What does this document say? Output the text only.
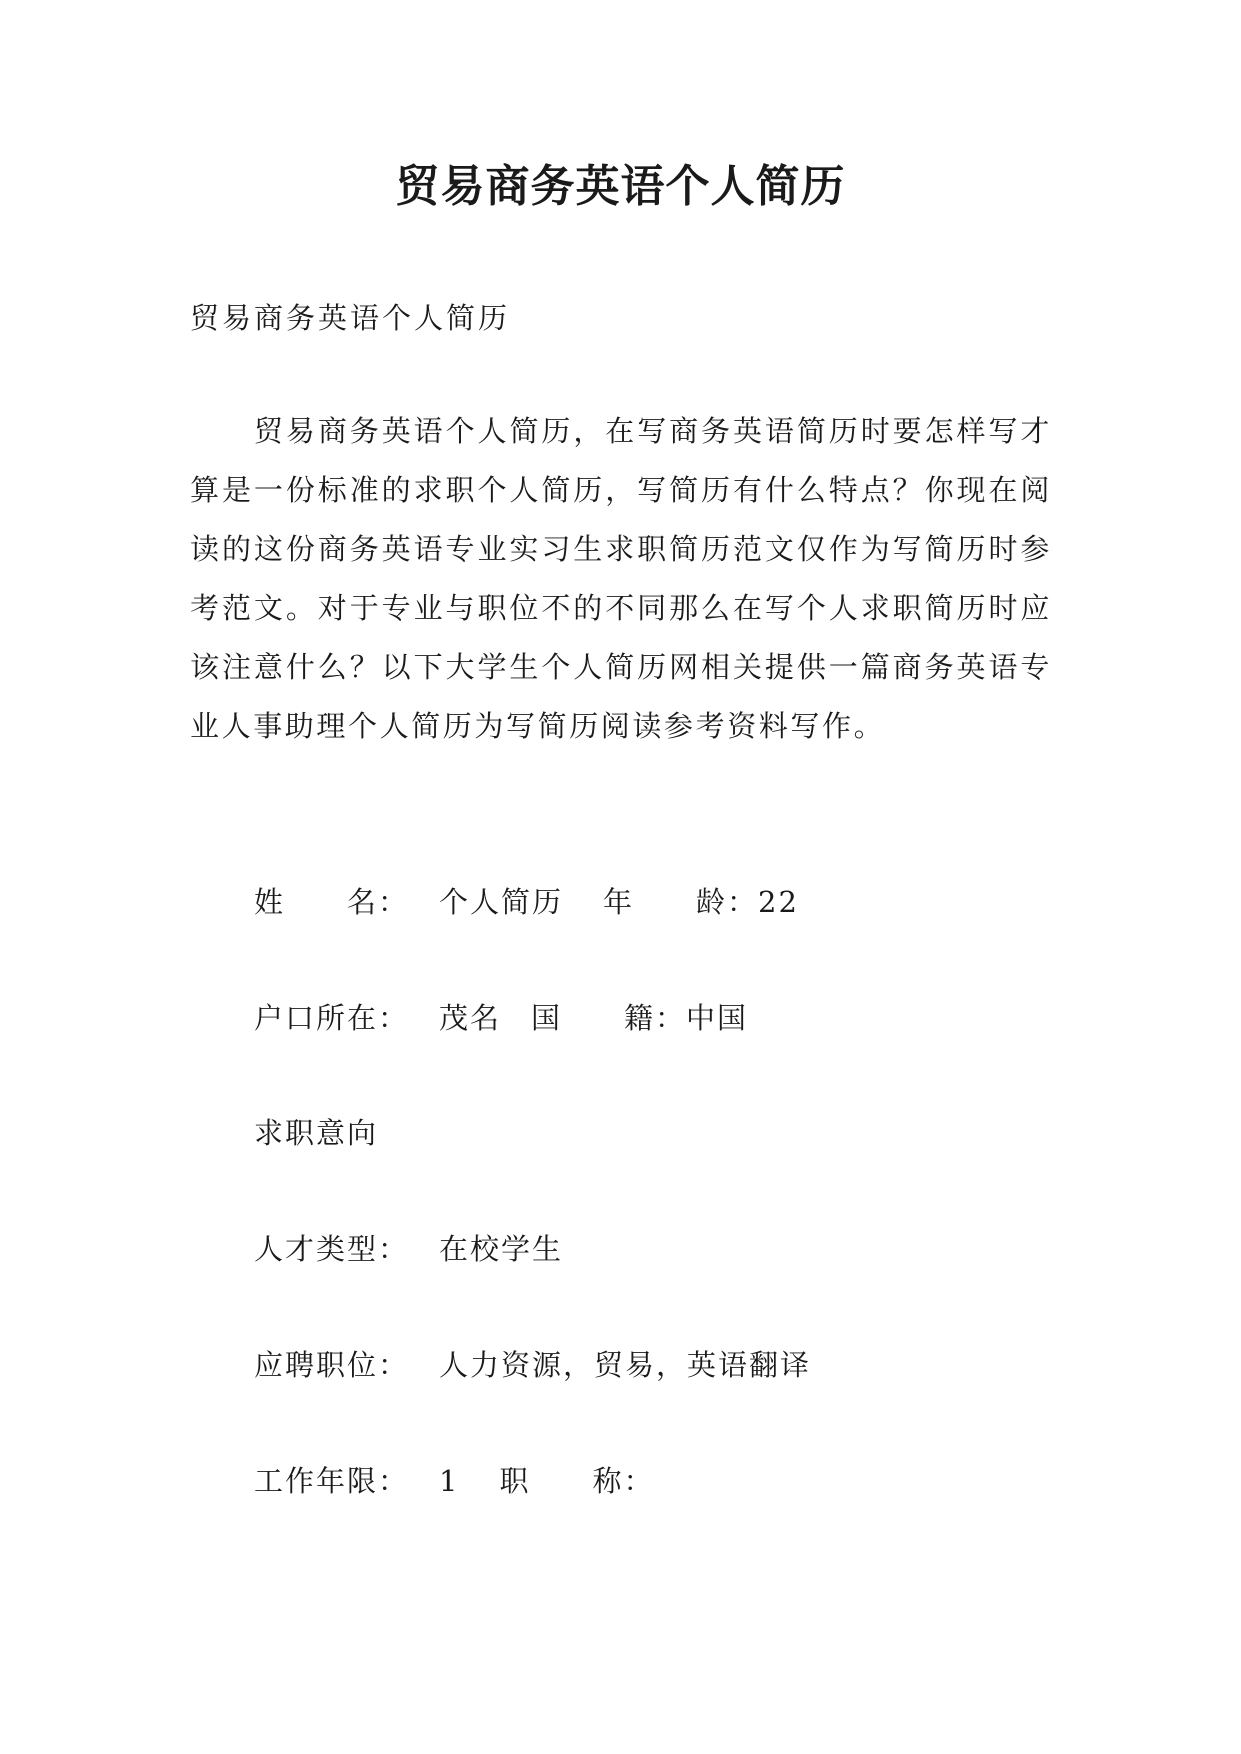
贸易商务英语个人简历

贸易商务英语个人简历

贸易商务英语个人简历，在写商务英语简历时要怎样写才算是一份标准的求职个人简历，写简历有什么特点？你现在阅读的这份商务英语专业实习生求职简历范文仅作为写简历时参考范文。对于专业与职位不的不同那么在写个人求职简历时应该注意什么？以下大学生个人简历网相关提供一篇商务英语专业人事助理个人简历为写简历阅读参考资料写作。

姓　　名： 个人简历 年　　龄：22
户口所在： 茂名 国　　籍：中国
求职意向
人才类型： 在校学生
应聘职位： 人力资源，贸易，英语翻译
工作年限： 1 职　　称：
